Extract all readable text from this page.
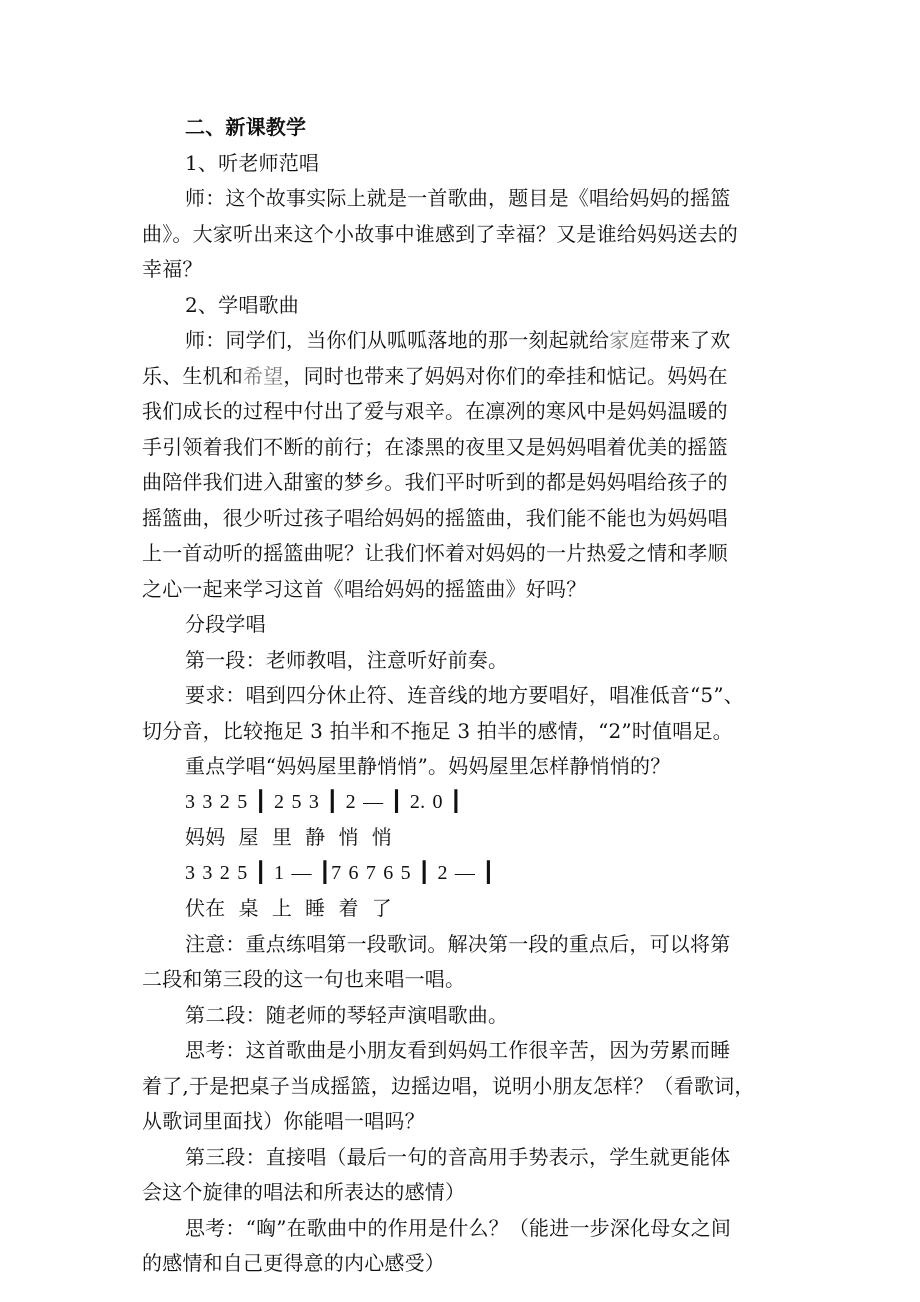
二、新课教学
1、听老师范唱
师：这个故事实际上就是一首歌曲，题目是《唱给妈妈的摇篮
曲》。大家听出来这个小故事中谁感到了幸福？又是谁给妈妈送去的
幸福？
2、学唱歌曲
师：同学们，当你们从呱呱落地的那一刻起就给家庭带来了欢
乐、生机和希望，同时也带来了妈妈对你们的牵挂和惦记。妈妈在
我们成长的过程中付出了爱与艰辛。在凛冽的寒风中是妈妈温暖的
手引领着我们不断的前行；在漆黑的夜里又是妈妈唱着优美的摇篮
曲陪伴我们进入甜蜜的梦乡。我们平时听到的都是妈妈唱给孩子的
摇篮曲，很少听过孩子唱给妈妈的摇篮曲，我们能不能也为妈妈唱
上一首动听的摇篮曲呢？让我们怀着对妈妈的一片热爱之情和孝顺
之心一起来学习这首《唱给妈妈的摇篮曲》好吗？
分段学唱
第一段：老师教唱，注意听好前奏。
要求：唱到四分休止符、连音线的地方要唱好，唱准低音“5”、
切分音，比较拖足 3 拍半和不拖足 3 拍半的感情，“2”时值唱足。
重点学唱“妈妈屋里静悄悄”。妈妈屋里怎样静悄悄的？
3 3 2 5 ┃ 2 5 3 ┃ 2 — ┃ 2. 0 ┃
妈妈  屋  里  静  悄  悄
3 3 2 5 ┃ 1 — ┃7 6 7 6 5 ┃ 2 — ┃
伏在  桌  上  睡  着  了
注意：重点练唱第一段歌词。解决第一段的重点后，可以将第
二段和第三段的这一句也来唱一唱。
第二段：随老师的琴轻声演唱歌曲。
思考：这首歌曲是小朋友看到妈妈工作很辛苦，因为劳累而睡
着了,于是把桌子当成摇篮，边摇边唱，说明小朋友怎样？（看歌词，
从歌词里面找）你能唱一唱吗？
第三段：直接唱（最后一句的音高用手势表示，学生就更能体
会这个旋律的唱法和所表达的感情）
思考：“哅”在歌曲中的作用是什么？（能进一步深化母女之间
的感情和自己更得意的内心感受）
